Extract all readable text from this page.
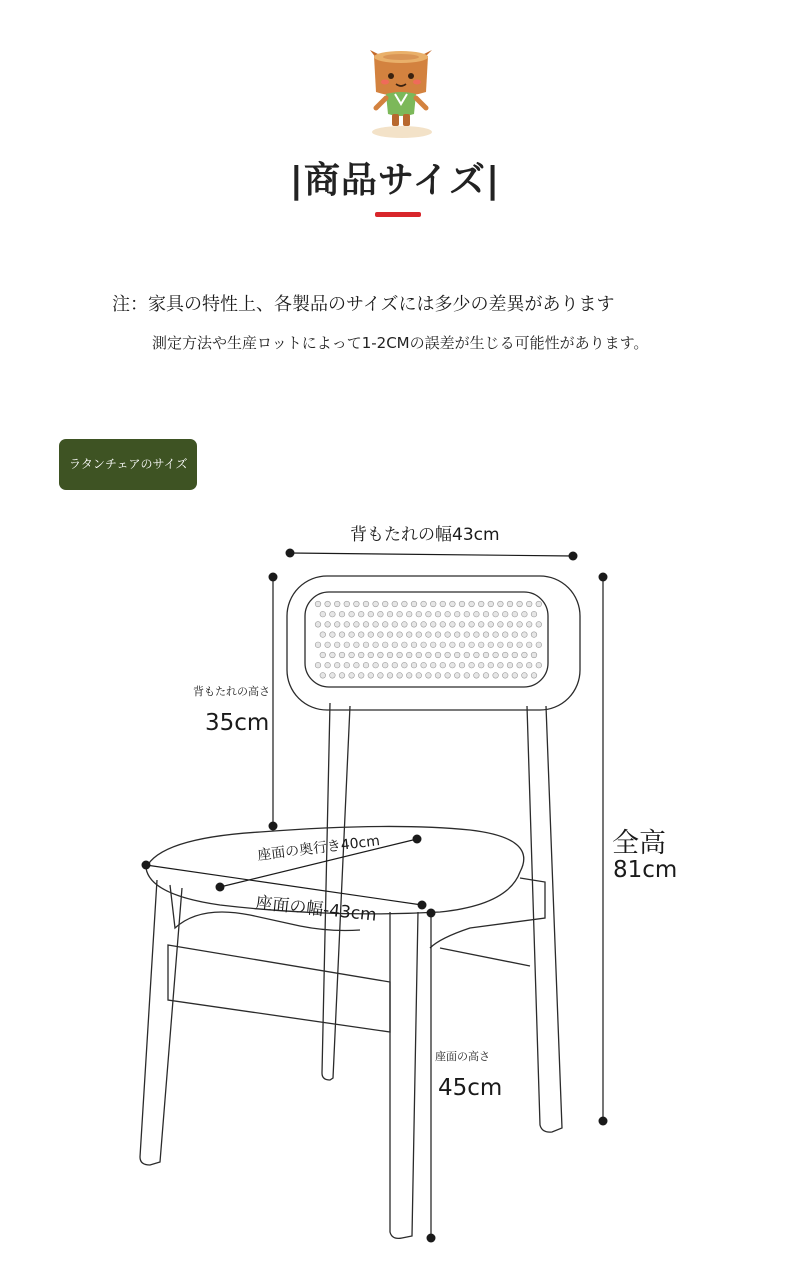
|商品サイズ|
注：家具の特性上、各製品のサイズには多少の差異があります
測定方法や生産ロットによって1-2CMの誤差が生じる可能性があります。
ラタンチェアのサイズ
背もたれの幅43cm
背もたれの高さ
35cm
座面の奥行き40cm
座面の幅-43cm
全高
81cm
座面の高さ
45cm
